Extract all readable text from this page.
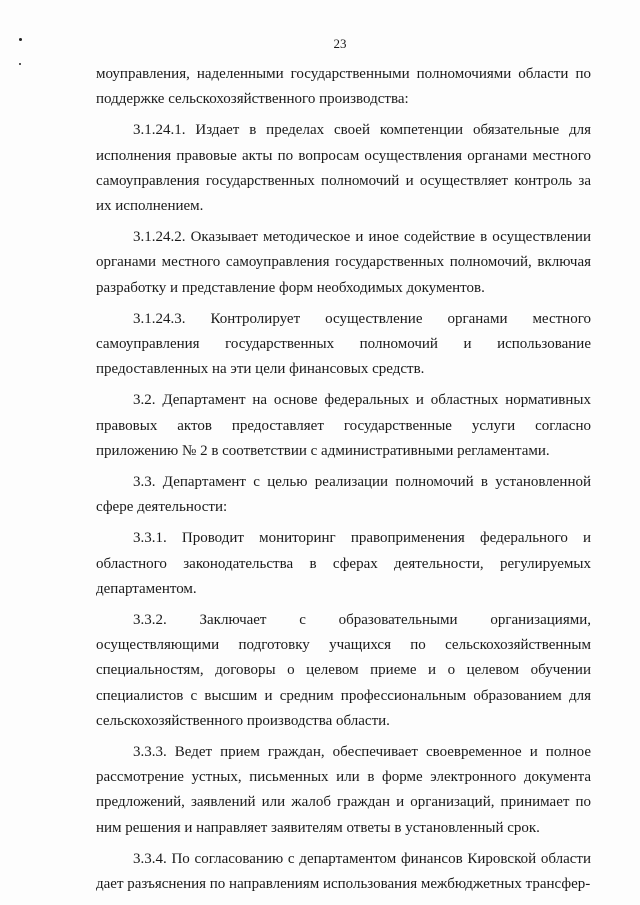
23

моуправления, наделенными государственными полномочиями области по поддержке сельскохозяйственного производства:

3.1.24.1. Издает в пределах своей компетенции обязательные для исполнения правовые акты по вопросам осуществления органами местного самоуправления государственных полномочий и осуществляет контроль за их исполнением.

3.1.24.2. Оказывает методическое и иное содействие в осуществлении органами местного самоуправления государственных полномочий, включая разработку и представление форм необходимых документов.

3.1.24.3. Контролирует осуществление органами местного самоуправления государственных полномочий и использование предоставленных на эти цели финансовых средств.

3.2. Департамент на основе федеральных и областных нормативных правовых актов предоставляет государственные услуги согласно приложению № 2 в соответствии с административными регламентами.

3.3. Департамент с целью реализации полномочий в установленной сфере деятельности:

3.3.1. Проводит мониторинг правоприменения федерального и областного законодательства в сферах деятельности, регулируемых департаментом.

3.3.2. Заключает с образовательными организациями, осуществляющими подготовку учащихся по сельскохозяйственным специальностям, договоры о целевом приеме и о целевом обучении специалистов с высшим и средним профессиональным образованием для сельскохозяйственного производства области.

3.3.3. Ведет прием граждан, обеспечивает своевременное и полное рассмотрение устных, письменных или в форме электронного документа предложений, заявлений или жалоб граждан и организаций, принимает по ним решения и направляет заявителям ответы в установленный срок.

3.3.4. По согласованию с департаментом финансов Кировской области дает разъяснения по направлениям использования межбюджетных трансфер-
